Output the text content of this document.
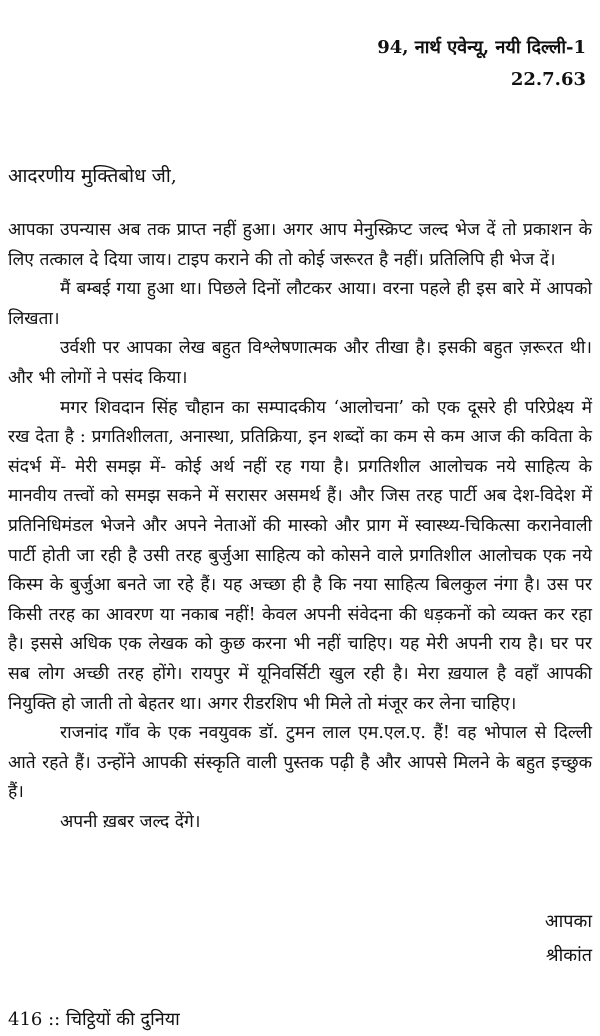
94, नार्थ एवेन्यू, नयी दिल्ली-1
22.7.63
आदरणीय मुक्तिबोध जी,

आपका उपन्यास अब तक प्राप्त नहीं हुआ। अगर आप मेनुस्क्रिप्ट जल्द भेज दें तो प्रकाशन के लिए तत्काल दे दिया जाय। टाइप कराने की तो कोई जरूरत है नहीं। प्रतिलिपि ही भेज दें।

मैं बम्बई गया हुआ था। पिछले दिनों लौटकर आया। वरना पहले ही इस बारे में आपको लिखता।

उर्वशी पर आपका लेख बहुत विश्लेषणात्मक और तीखा है। इसकी बहुत ज़रूरत थी। और भी लोगों ने पसंद किया।

मगर शिवदान सिंह चौहान का सम्पादकीय ‘आलोचना’ को एक दूसरे ही परिप्रेक्ष्य में रख देता है : प्रगतिशीलता, अनास्था, प्रतिक्रिया, इन शब्दों का कम से कम आज की कविता के संदर्भ में- मेरी समझ में- कोई अर्थ नहीं रह गया है। प्रगतिशील आलोचक नये साहित्य के मानवीय तत्त्वों को समझ सकने में सरासर असमर्थ हैं। और जिस तरह पार्टी अब देश-विदेश में प्रतिनिधिमंडल भेजने और अपने नेताओं की मास्को और प्राग में स्वास्थ्य-चिकित्सा करानेवाली पार्टी होती जा रही है उसी तरह बुर्जुआ साहित्य को कोसने वाले प्रगतिशील आलोचक एक नये किस्म के बुर्जुआ बनते जा रहे हैं। यह अच्छा ही है कि नया साहित्य बिलकुल नंगा है। उस पर किसी तरह का आवरण या नकाब नहीं! केवल अपनी संवेदना की धड़कनों को व्यक्त कर रहा है। इससे अधिक एक लेखक को कुछ करना भी नहीं चाहिए। यह मेरी अपनी राय है। घर पर सब लोग अच्छी तरह होंगे। रायपुर में यूनिवर्सिटी खुल रही है। मेरा ख़याल है वहाँ आपकी नियुक्ति हो जाती तो बेहतर था। अगर रीडरशिप भी मिले तो मंजूर कर लेना चाहिए।

राजनांद गाँव के एक नवयुवक डॉ. टुमन लाल एम.एल.ए. हैं! वह भोपाल से दिल्ली आते रहते हैं। उन्होंने आपकी संस्कृति वाली पुस्तक पढ़ी है और आपसे मिलने के बहुत इच्छुक हैं।

अपनी ख़बर जल्द देंगे।

आपका
श्रीकांत
416 :: चिट्ठियों की दुनिया
